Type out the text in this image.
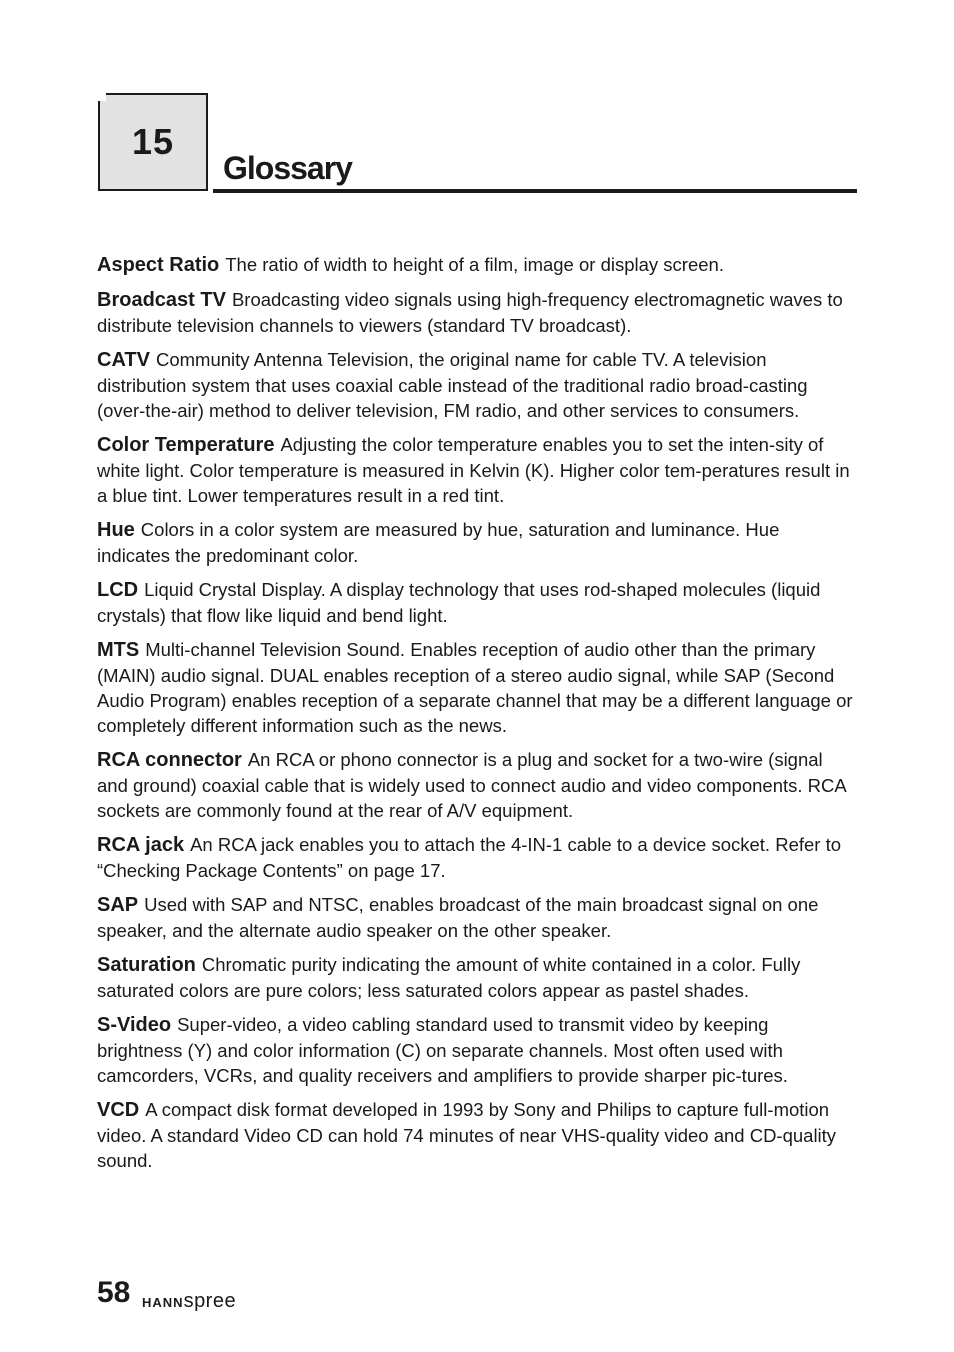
15
Glossary

Aspect Ratio The ratio of width to height of a film, image or display screen.

Broadcast TV Broadcasting video signals using high-frequency electromagnetic waves to distribute television channels to viewers (standard TV broadcast).

CATV Community Antenna Television, the original name for cable TV. A television distribution system that uses coaxial cable instead of the traditional radio broad-casting (over-the-air) method to deliver television, FM radio, and other services to consumers.

Color Temperature Adjusting the color temperature enables you to set the inten-sity of white light. Color temperature is measured in Kelvin (K). Higher color tem-peratures result in a blue tint. Lower temperatures result in a red tint.

Hue Colors in a color system are measured by hue, saturation and luminance. Hue indicates the predominant color.

LCD Liquid Crystal Display. A display technology that uses rod-shaped molecules (liquid crystals) that flow like liquid and bend light.

MTS Multi-channel Television Sound. Enables reception of audio other than the primary (MAIN) audio signal. DUAL enables reception of a stereo audio signal, while SAP (Second Audio Program) enables reception of a separate channel that may be a different language or completely different information such as the news.

RCA connector An RCA or phono connector is a plug and socket for a two-wire (signal and ground) coaxial cable that is widely used to connect audio and video components. RCA sockets are commonly found at the rear of A/V equipment.

RCA jack An RCA jack enables you to attach the 4-IN-1 cable to a device socket. Refer to “Checking Package Contents” on page 17.

SAP Used with SAP and NTSC, enables broadcast of the main broadcast signal on one speaker, and the alternate audio speaker on the other speaker.

Saturation Chromatic purity indicating the amount of white contained in a color. Fully saturated colors are pure colors; less saturated colors appear as pastel shades.

S-Video Super-video, a video cabling standard used to transmit video by keeping brightness (Y) and color information (C) on separate channels. Most often used with camcorders, VCRs, and quality receivers and amplifiers to provide sharper pic-tures.

VCD A compact disk format developed in 1993 by Sony and Philips to capture full-motion video. A standard Video CD can hold 74 minutes of near VHS-quality video and CD-quality sound.

58 HANNspree
